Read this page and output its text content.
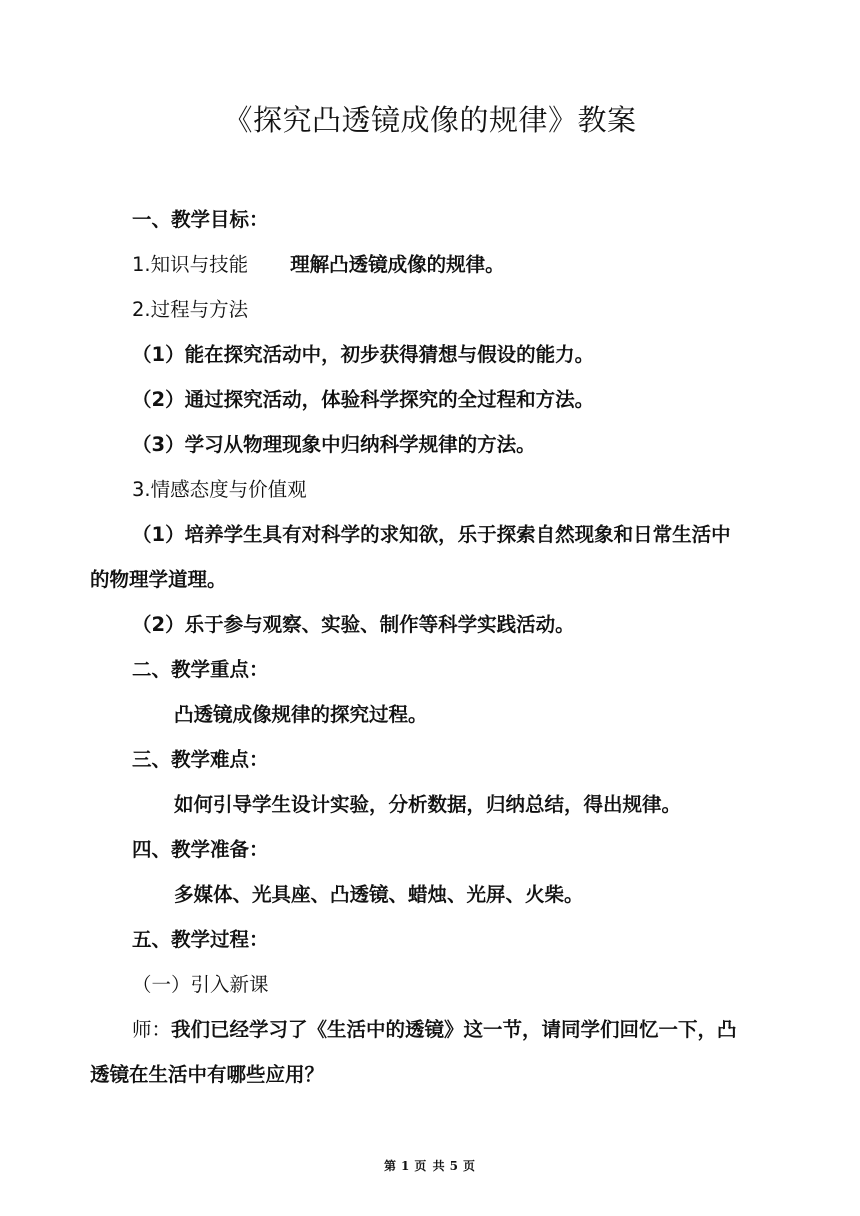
《探究凸透镜成像的规律》教案
一、教学目标：
1.知识与技能 理解凸透镜成像的规律。
2.过程与方法
（1）能在探究活动中，初步获得猜想与假设的能力。
（2）通过探究活动，体验科学探究的全过程和方法。
（3）学习从物理现象中归纳科学规律的方法。
3.情感态度与价值观
（1）培养学生具有对科学的求知欲，乐于探索自然现象和日常生活中
的物理学道理。
（2）乐于参与观察、实验、制作等科学实践活动。
二、教学重点：
凸透镜成像规律的探究过程。
三、教学难点：
如何引导学生设计实验，分析数据，归纳总结，得出规律。
四、教学准备：
多媒体、光具座、凸透镜、蜡烛、光屏、火柴。
五、教学过程：
（一）引入新课
师：我们已经学习了《生活中的透镜》这一节，请同学们回忆一下，凸
透镜在生活中有哪些应用？
第 1 页 共 5 页
